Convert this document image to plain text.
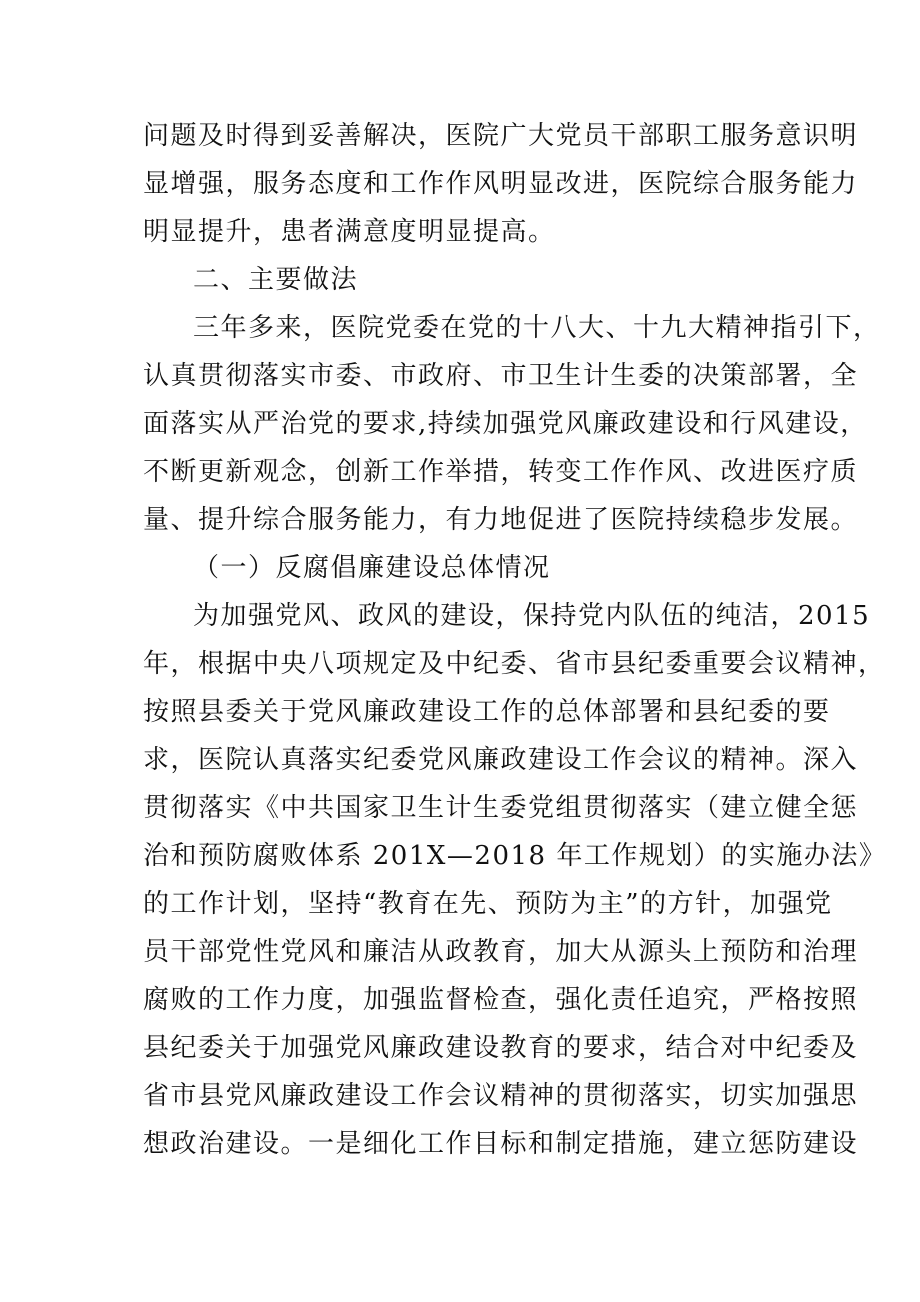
问题及时得到妥善解决，医院广大党员干部职工服务意识明
显增强，服务态度和工作作风明显改进，医院综合服务能力
明显提升，患者满意度明显提高。
二、主要做法
三年多来，医院党委在党的十八大、十九大精神指引下，
认真贯彻落实市委、市政府、市卫生计生委的决策部署，全
面落实从严治党的要求,持续加强党风廉政建设和行风建设，
不断更新观念，创新工作举措，转变工作作风、改进医疗质
量、提升综合服务能力，有力地促进了医院持续稳步发展。
（一）反腐倡廉建设总体情况
为加强党风、政风的建设，保持党内队伍的纯洁，2015
年，根据中央八项规定及中纪委、省市县纪委重要会议精神，
按照县委关于党风廉政建设工作的总体部署和县纪委的要
求，医院认真落实纪委党风廉政建设工作会议的精神。深入
贯彻落实《中共国家卫生计生委党组贯彻落实（建立健全惩
治和预防腐败体系 201X—2018 年工作规划）的实施办法》
的工作计划，坚持“教育在先、预防为主”的方针，加强党
员干部党性党风和廉洁从政教育，加大从源头上预防和治理
腐败的工作力度，加强监督检查，强化责任追究，严格按照
县纪委关于加强党风廉政建设教育的要求，结合对中纪委及
省市县党风廉政建设工作会议精神的贯彻落实，切实加强思
想政治建设。一是细化工作目标和制定措施，建立惩防建设
